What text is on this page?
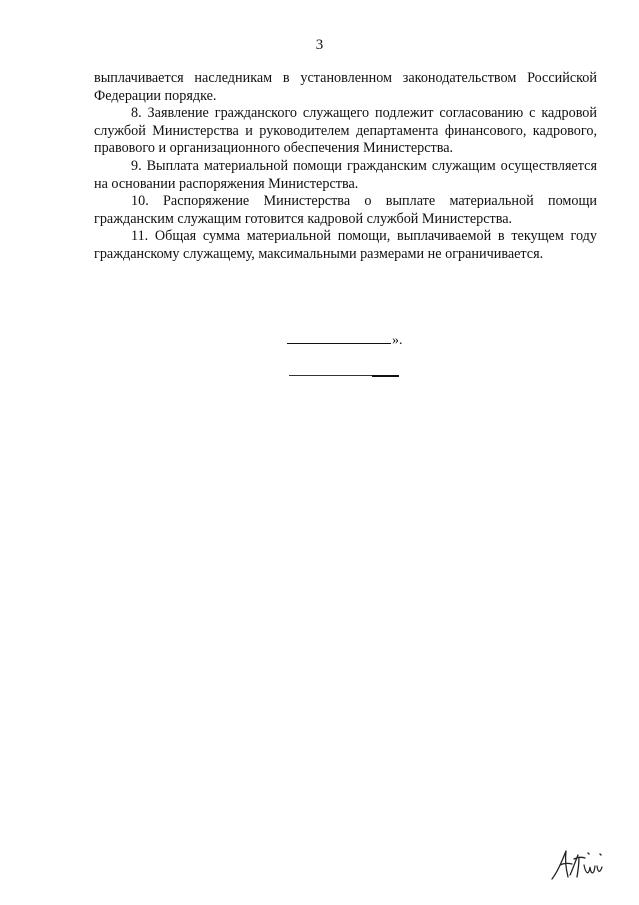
3

выплачивается наследникам в установленном законодательством Российской Федерации порядке.

8. Заявление гражданского служащего подлежит согласованию с кадровой службой Министерства и руководителем департамента финансового, кадрового, правового и организационного обеспечения Министерства.

9. Выплата материальной помощи гражданским служащим осуществляется на основании распоряжения Министерства.

10. Распоряжение Министерства о выплате материальной помощи гражданским служащим готовится кадровой службой Министерства.

11. Общая сумма материальной помощи, выплачиваемой в текущем году гражданскому служащему, максимальными размерами не ограничивается.

».
